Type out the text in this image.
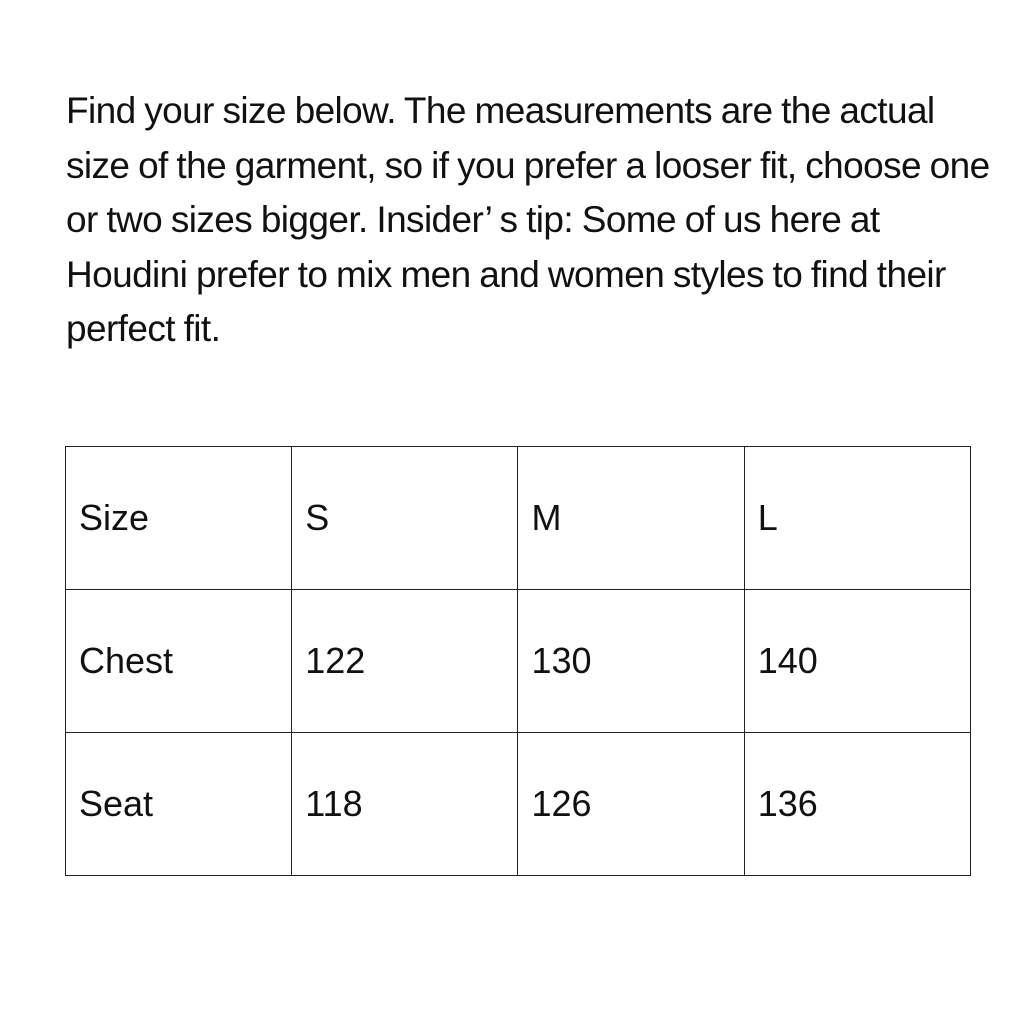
Find your size below. The measurements are the actual size of the garment, so if you prefer a looser fit, choose one or two sizes bigger. Insider’ s tip: Some of us here at Houdini prefer to mix men and women styles to find their perfect fit.

Size	S	M	L
Chest	122	130	140
Seat	118	126	136
